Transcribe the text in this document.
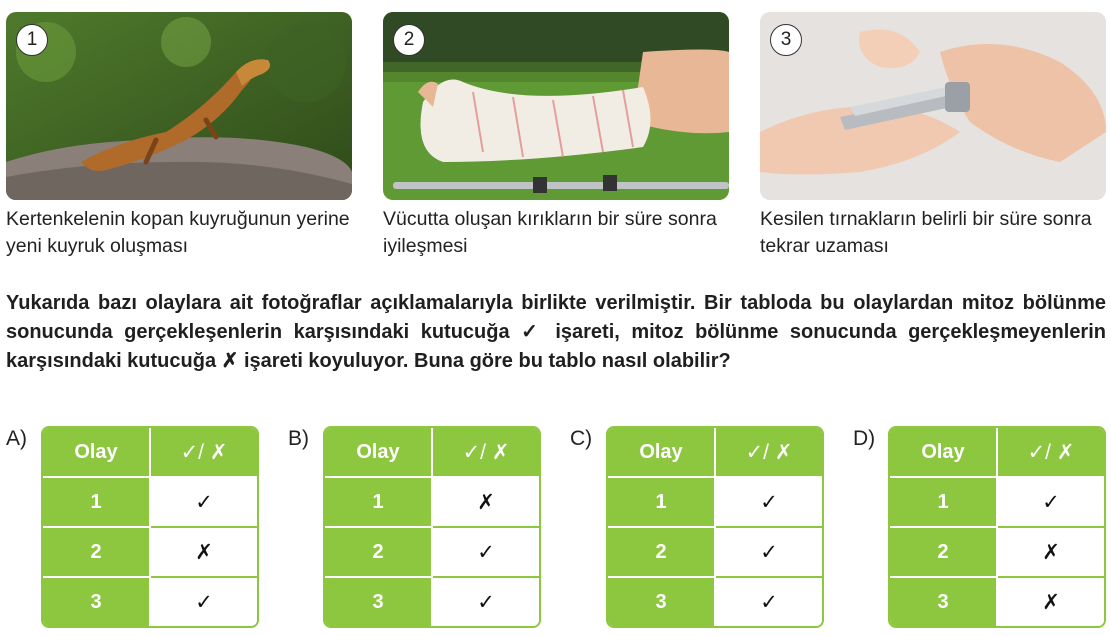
1	2	3
Kertenkelenin kopan kuyruğunun yerine yeni kuyruk oluşması
Vücutta oluşan kırıkların bir süre sonra iyileşmesi
Kesilen tırnakların belirli bir süre sonra tekrar uzaması
Yukarıda bazı olaylara ait fotoğraflar açıklamalarıyla birlikte verilmiştir. Bir tabloda bu olaylardan mitoz bölünme sonucunda gerçekleşenlerin karşısındaki kutucuğa ✓ işareti, mitoz bölünme sonucunda gerçekleşmeyenlerin karşısındaki kutucuğa ✗ işareti koyuluyor. Buna göre bu tablo nasıl olabilir?
A)
Olay	✓/ ✗
1	✓
2	✗
3	✓
B)
Olay	✓/ ✗
1	✗
2	✓
3	✓
C)
Olay	✓/ ✗
1	✓
2	✓
3	✓
D)
Olay	✓/ ✗
1	✓
2	✗
3	✗
